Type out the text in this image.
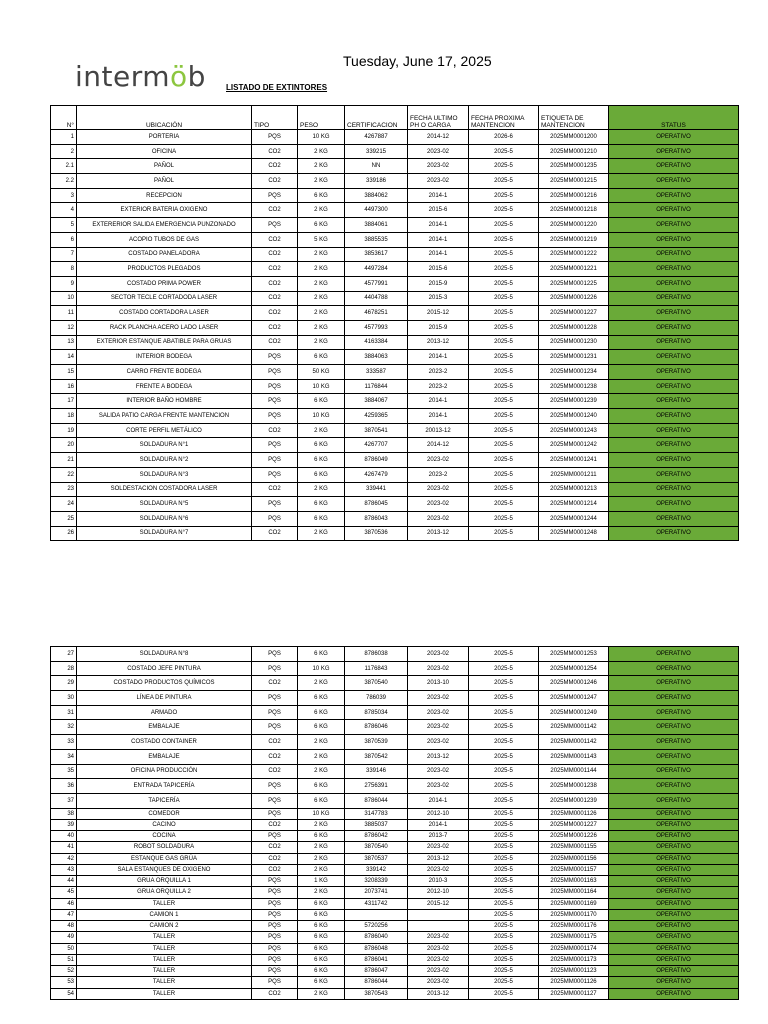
intermöb	Tuesday, June 17, 2025
LISTADO DE EXTINTORES
N°	UBICACIÓN	TIPO	PESO	CERTIFICACION	FECHA ULTIMO PH O CARGA	FECHA PROXIMA MANTENCION	ETIQUETA DE MANTENCION	STATUS
1	PORTERIA	PQS	10 KG	4267887	2014-12	2026-6	2025MM0001200	OPERATIVO
2	OFICINA	CO2	2 KG	339215	2023-02	2025-5	2025MM0001210	OPERATIVO
2.1	PAÑOL	CO2	2 KG	NN	2023-02	2025-5	2025MM0001235	OPERATIVO
2.2	PAÑOL	CO2	2 KG	339186	2023-02	2025-5	2025MM0001215	OPERATIVO
3	RECEPCION	PQS	6 KG	3884062	2014-1	2025-5	2025MM0001216	OPERATIVO
4	EXTERIOR BATERIA OXIGENO	CO2	2 KG	4497300	2015-6	2025-5	2025MM0001218	OPERATIVO
5	EXTERERIOR SALIDA EMERGENCIA PUNZONADO	PQS	6 KG	3884061	2014-1	2025-5	2025MM0001220	OPERATIVO
6	ACOPIO TUBOS DE GAS	CO2	5 KG	3885535	2014-1	2025-5	2025MM0001219	OPERATIVO
7	COSTADO PANELADORA	CO2	2 KG	3853617	2014-1	2025-5	2025MM0001222	OPERATIVO
8	PRODUCTOS PLEGADOS	CO2	2 KG	4497284	2015-6	2025-5	2025MM0001221	OPERATIVO
9	COSTADO PRIMA POWER	CO2	2 KG	4577991	2015-9	2025-5	2025MM0001225	OPERATIVO
10	SECTOR TECLE CORTADODA LASER	CO2	2 KG	4404788	2015-3	2025-5	2025MM0001226	OPERATIVO
11	COSTADO CORTADORA LASER	CO2	2 KG	4678251	2015-12	2025-5	2025MM0001227	OPERATIVO
12	RACK PLANCHA ACERO LADO LASER	CO2	2 KG	4577993	2015-9	2025-5	2025MM0001228	OPERATIVO
13	EXTERIOR ESTANQUE ABATIBLE PARA GRUAS	CO2	2 KG	4163384	2013-12	2025-5	2025MM0001230	OPERATIVO
14	INTERIOR BODEGA	PQS	6 KG	3884063	2014-1	2025-5	2025MM0001231	OPERATIVO
15	CARRO FRENTE BODEGA	PQS	50 KG	333587	2023-2	2025-5	2025MM0001234	OPERATIVO
16	FRENTE A BODEGA	PQS	10 KG	1176844	2023-2	2025-5	2025MM0001238	OPERATIVO
17	INTERIOR BAÑO HOMBRE	PQS	6 KG	3884067	2014-1	2025-5	2025MM0001239	OPERATIVO
18	SALIDA PATIO CARGA FRENTE MANTENCION	PQS	10 KG	4259365	2014-1	2025-5	2025MM0001240	OPERATIVO
19	CORTE PERFIL METÁLICO	CO2	2 KG	3870541	20013-12	2025-5	2025MM0001243	OPERATIVO
20	SOLDADURA N°1	PQS	6 KG	4267707	2014-12	2025-5	2025MM0001242	OPERATIVO
21	SOLDADURA N°2	PQS	6 KG	8786049	2023-02	2025-5	2025MM0001241	OPERATIVO
22	SOLDADURA N°3	PQS	6 KG	4267479	2023-2	2025-5	2025MM0001211	OPERATIVO
23	SOLDESTACION COSTADORA LASER	CO2	2 KG	339441	2023-02	2025-5	2025MM0001213	OPERATIVO
24	SOLDADURA N°5	PQS	6 KG	8786045	2023-02	2025-5	2025MM0001214	OPERATIVO
25	SOLDADURA N°6	PQS	6 KG	8786043	2023-02	2025-5	2025MM0001244	OPERATIVO
26	SOLDADURA N°7	CO2	2 KG	3870536	2013-12	2025-5	2025MM0001248	OPERATIVO
27	SOLDADURA N°8	PQS	6 KG	8786038	2023-02	2025-5	2025MM0001253	OPERATIVO
28	COSTADO JEFE PINTURA	PQS	10 KG	1176843	2023-02	2025-5	2025MM0001254	OPERATIVO
29	COSTADO PRODUCTOS QUÍMICOS	CO2	2 KG	3870540	2013-10	2025-5	2025MM0001246	OPERATIVO
30	LÍNEA DE PINTURA	PQS	6 KG	786039	2023-02	2025-5	2025MM0001247	OPERATIVO
31	ARMADO	PQS	6 KG	8785034	2023-02	2025-5	2025MM0001249	OPERATIVO
32	EMBALAJE	PQS	6 KG	8786046	2023-02	2025-5	2025MM0001142	OPERATIVO
33	COSTADO CONTAINER	CO2	2 KG	3870539	2023-02	2025-5	2025MM0001142	OPERATIVO
34	EMBALAJE	CO2	2 KG	3870542	2013-12	2025-5	2025MM0001143	OPERATIVO
35	OFICINA PRODUCCIÓN	CO2	2 KG	339146	2023-02	2025-5	2025MM0001144	OPERATIVO
36	ENTRADA TAPICERÍA	PQS	6 KG	2756391	2023-02	2025-5	2025MM0001238	OPERATIVO
37	TAPICERÍA	PQS	6 KG	8786044	2014-1	2025-5	2025MM0001239	OPERATIVO
38	COMEDOR	PQS	10 KG	3147783	2012-10	2025-5	2025MM0001126	OPERATIVO
39	CACINO	CO2	2 KG	3885037	2014-1	2025-5	2025MM0001227	OPERATIVO
40	COCINA	PQS	6 KG	8786042	2013-7	2025-5	2025MM0001226	OPERATIVO
41	ROBOT SOLDADURA	CO2	2 KG	3870540	2023-02	2025-5	2025MM0001155	OPERATIVO
42	ESTANQUE GAS GRÚA	CO2	2 KG	3870537	2013-12	2025-5	2025MM0001156	OPERATIVO
43	SALA ESTANQUES DE OXIGENO	CO2	2 KG	339142	2023-02	2025-5	2025MM0001157	OPERATIVO
44	GRUA ORQUILLA 1	PQS	1 KG	3208339	2010-3	2025-5	2025MM0001163	OPERATIVO
45	GRUA ORQUILLA 2	PQS	2 KG	2073741	2012-10	2025-5	2025MM0001164	OPERATIVO
46	TALLER	PQS	6 KG	4311742	2015-12	2025-5	2025MM0001169	OPERATIVO
47	CAMION 1	PQS	6 KG			2025-5	2025MM0001170	OPERATIVO
48	CAMION 2	PQS	6 KG	5720256		2025-5	2025MM0001176	OPERATIVO
49	TALLER	PQS	6 KG	8786040	2023-02	2025-5	2025MM0001175	OPERATIVO
50	TALLER	PQS	6 KG	8786048	2023-02	2025-5	2025MM0001174	OPERATIVO
51	TALLER	PQS	6 KG	8786041	2023-02	2025-5	2025MM0001173	OPERATIVO
52	TALLER	PQS	6 KG	8786047	2023-02	2025-5	2025MM0001123	OPERATIVO
53	TALLER	PQS	6 KG	8786044	2023-02	2025-5	2025MM0001126	OPERATIVO
54	TALLER	CO2	2 KG	3870543	2013-12	2025-5	2025MM0001127	OPERATIVO
